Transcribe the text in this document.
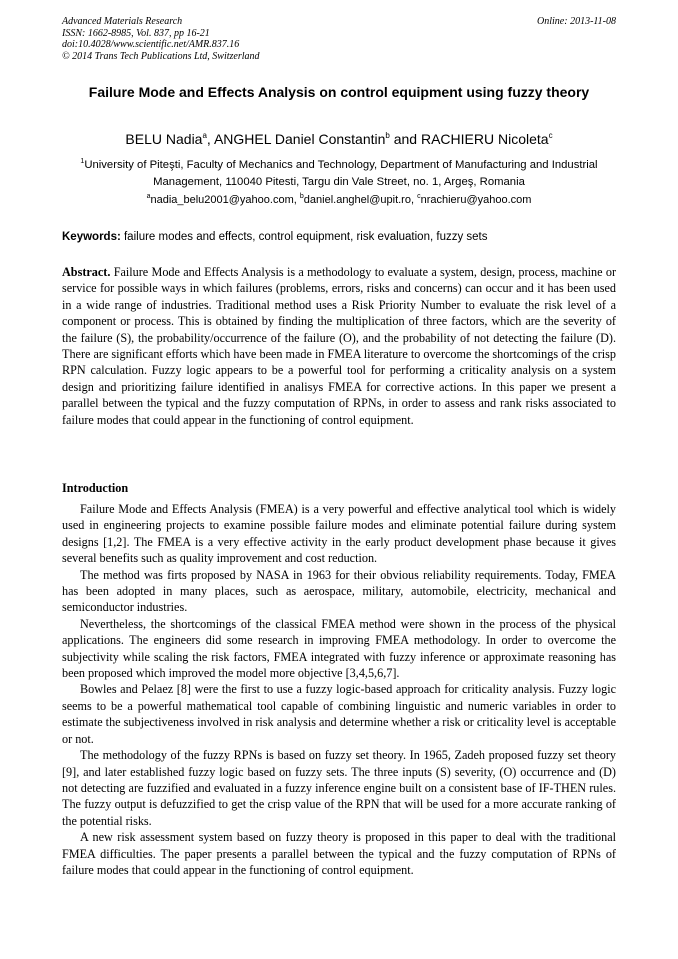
Advanced Materials Research
ISSN: 1662-8985, Vol. 837, pp 16-21
doi:10.4028/www.scientific.net/AMR.837.16
© 2014 Trans Tech Publications Ltd, Switzerland
Online: 2013-11-08
Failure Mode and Effects Analysis on control equipment using fuzzy theory
BELU Nadia$^a$, ANGHEL Daniel Constantin$^b$ and RACHIERU Nicoleta$^c$
$^1$University of Piteşti, Faculty of Mechanics and Technology, Department of Manufacturing and Industrial Management, 110040 Pitesti, Targu din Vale Street, no. 1, Argeş, Romania
$^a$nadia_belu2001@yahoo.com, $^b$daniel.anghel@upit.ro, $^c$nrachieru@yahoo.com
Keywords: failure modes and effects, control equipment, risk evaluation, fuzzy sets
Abstract. Failure Mode and Effects Analysis is a methodology to evaluate a system, design, process, machine or service for possible ways in which failures (problems, errors, risks and concerns) can occur and it has been used in a wide range of industries. Traditional method uses a Risk Priority Number to evaluate the risk level of a component or process. This is obtained by finding the multiplication of three factors, which are the severity of the failure (S), the probability/occurrence of the failure (O), and the probability of not detecting the failure (D). There are significant efforts which have been made in FMEA literature to overcome the shortcomings of the crisp RPN calculation. Fuzzy logic appears to be a powerful tool for performing a criticality analysis on a system design and prioritizing failure identified in analisys FMEA for corrective actions. In this paper we present a parallel between the typical and the fuzzy computation of RPNs, in order to assess and rank risks associated to failure modes that could appear in the functioning of control equipment.
Introduction

Failure Mode and Effects Analysis (FMEA) is a very powerful and effective analytical tool which is widely used in engineering projects to examine possible failure modes and eliminate potential failure during system designs [1,2]. The FMEA is a very effective activity in the early product development phase because it gives several benefits such as quality improvement and cost reduction.

The method was firts proposed by NASA in 1963 for their obvious reliability requirements. Today, FMEA has been adopted in many places, such as aerospace, military, automobile, electricity, mechanical and semiconductor industries.

Nevertheless, the shortcomings of the classical FMEA method were shown in the process of the physical applications. The engineers did some research in improving FMEA methodology. In order to overcome the subjectivity while scaling the risk factors, FMEA integrated with fuzzy inference or approximate reasoning has been proposed which improved the model more objective [3,4,5,6,7].

Bowles and Pelaez [8] were the first to use a fuzzy logic-based approach for criticality analysis. Fuzzy logic seems to be a powerful mathematical tool capable of combining linguistic and numeric variables in order to estimate the subjectiveness involved in risk analysis and determine whether a risk or criticality level is acceptable or not.

The methodology of the fuzzy RPNs is based on fuzzy set theory. In 1965, Zadeh proposed fuzzy set theory [9], and later established fuzzy logic based on fuzzy sets. The three inputs (S) severity, (O) occurrence and (D) not detecting are fuzzified and evaluated in a fuzzy inference engine built on a consistent base of IF-THEN rules. The fuzzy output is defuzzified to get the crisp value of the RPN that will be used for a more accurate ranking of the potential risks.

A new risk assessment system based on fuzzy theory is proposed in this paper to deal with the traditional FMEA difficulties. The paper presents a parallel between the typical and the fuzzy computation of RPNs of failure modes that could appear in the functioning of control equipment.
